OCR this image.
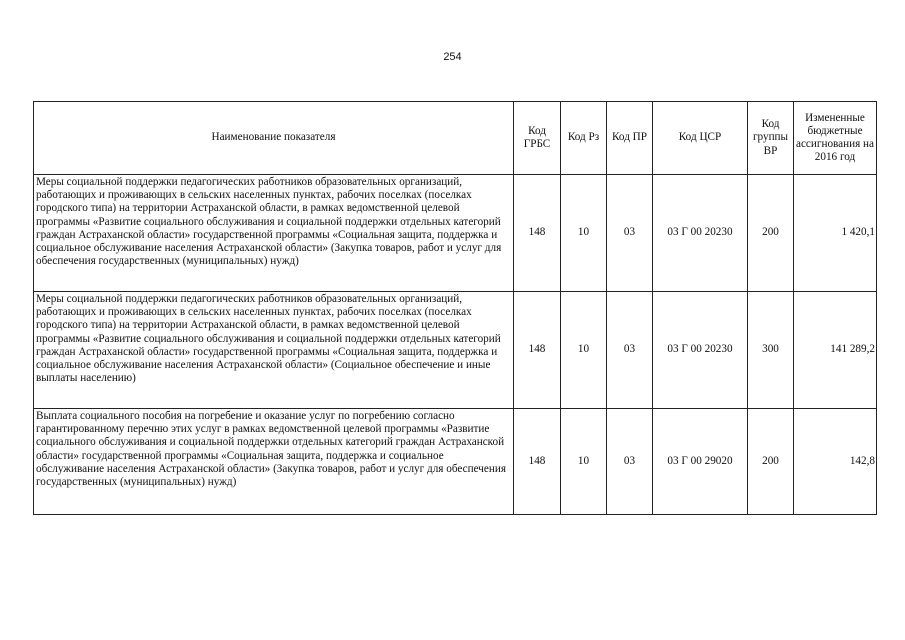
254
Наименование показателя	Код ГРБС	Код Рз	Код ПР	Код ЦСР	Код группы ВР	Измененные бюджетные ассигнования на 2016 год
Меры социальной поддержки педагогических работников образовательных организаций, работающих и проживающих в сельских населенных пунктах, рабочих поселках (поселках городского типа) на территории Астраханской области, в рамках ведомственной целевой программы «Развитие социального обслуживания и социальной поддержки отдельных категорий граждан Астраханской области» государственной программы «Социальная защита, поддержка и социальное обслуживание населения Астраханской области» (Закупка товаров, работ и услуг для обеспечения государственных (муниципальных) нужд)	148	10	03	03 Г 00 20230	200	1 420,1
Меры социальной поддержки педагогических работников образовательных организаций, работающих и проживающих в сельских населенных пунктах, рабочих поселках (поселках городского типа) на территории Астраханской области, в рамках ведомственной целевой программы «Развитие социального обслуживания и социальной поддержки отдельных категорий граждан Астраханской области» государственной программы «Социальная защита, поддержка и социальное обслуживание населения Астраханской области» (Социальное обеспечение и иные выплаты населению)	148	10	03	03 Г 00 20230	300	141 289,2
Выплата социального пособия на погребение и оказание услуг по погребению согласно гарантированному перечню этих услуг в рамках ведомственной целевой программы «Развитие социального обслуживания и социальной поддержки отдельных категорий граждан Астраханской области» государственной программы «Социальная защита, поддержка и социальное обслуживание населения Астраханской области» (Закупка товаров, работ и услуг для обеспечения государственных (муниципальных) нужд)	148	10	03	03 Г 00 29020	200	142,8
